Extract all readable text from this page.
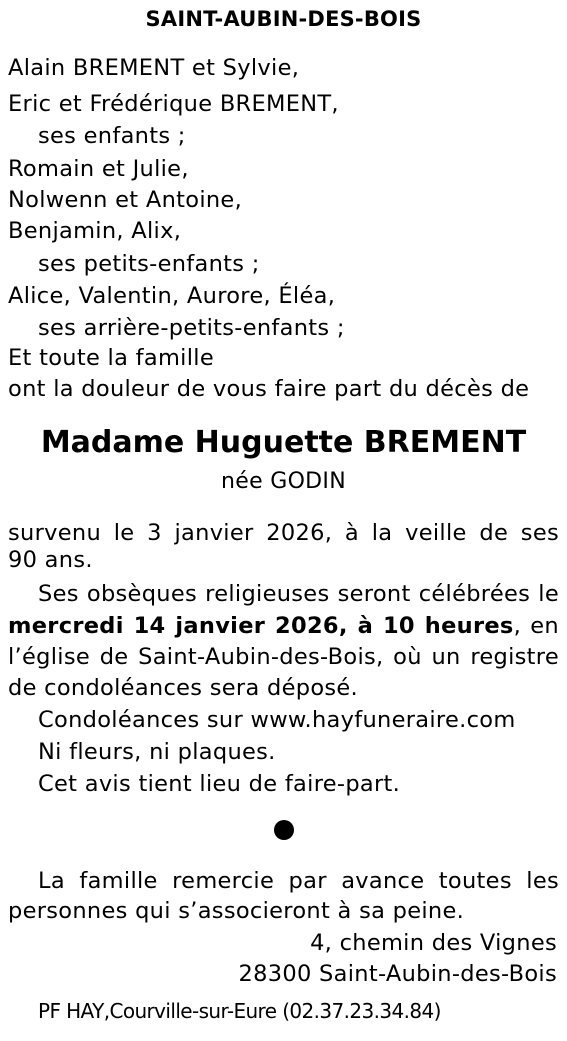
SAINT-AUBIN-DES-BOIS
Alain BREMENT et Sylvie,
Eric et Frédérique BREMENT,
ses enfants ;
Romain et Julie,
Nolwenn et Antoine,
Benjamin, Alix,
ses petits-enfants ;
Alice, Valentin, Aurore, Éléa,
ses arrière-petits-enfants ;
Et toute la famille
ont la douleur de vous faire part du décès de
Madame Huguette BREMENT
née GODIN
survenu le 3 janvier 2026, à la veille de ses
90 ans.
Ses obsèques religieuses seront célébrées le
mercredi 14 janvier 2026, à 10 heures, en
l’église de Saint-Aubin-des-Bois, où un registre
de condoléances sera déposé.
Condoléances sur www.hayfuneraire.com
Ni fleurs, ni plaques.
Cet avis tient lieu de faire-part.
La famille remercie par avance toutes les
personnes qui s’associeront à sa peine.
4, chemin des Vignes
28300 Saint-Aubin-des-Bois
PF HAY,Courville-sur-Eure (02.37.23.34.84)
